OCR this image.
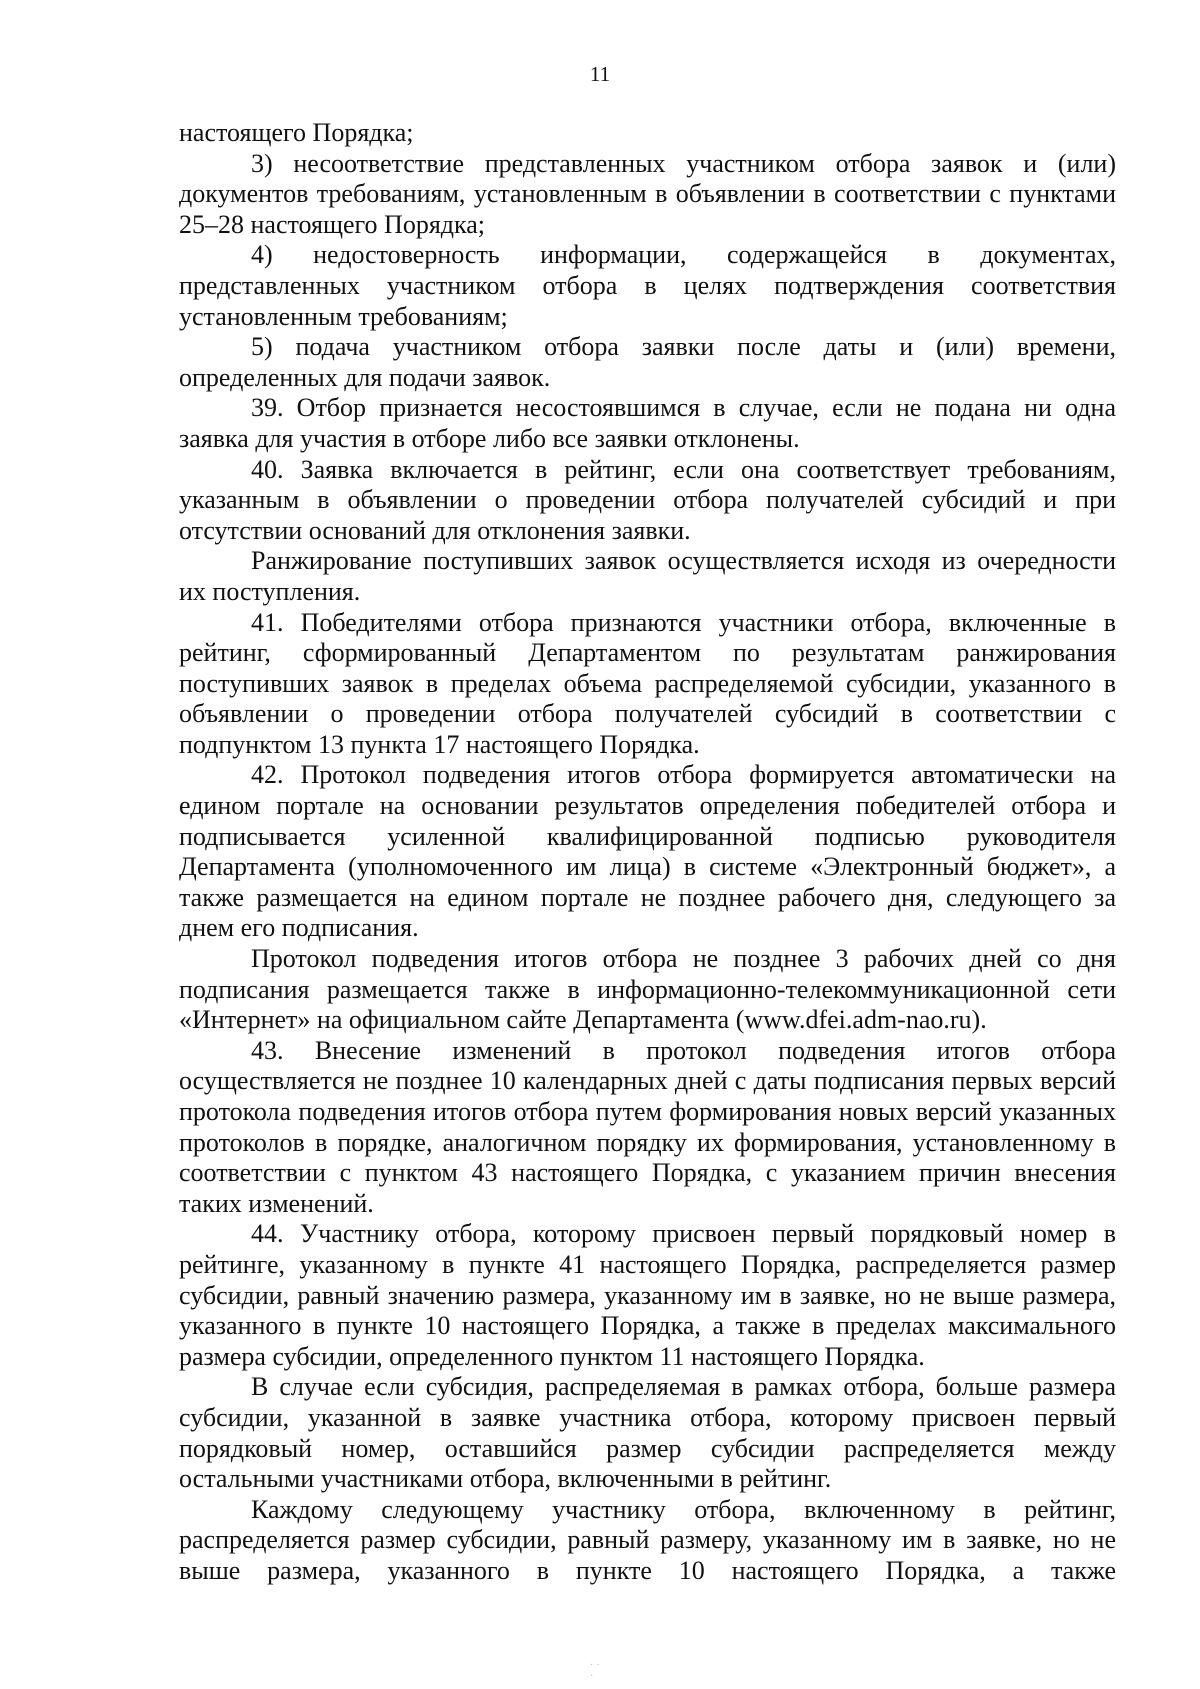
11

настоящего Порядка;

3) несоответствие представленных участником отбора заявок и (или) документов требованиям, установленным в объявлении в соответствии с пунктами 25–28 настоящего Порядка;

4) недостоверность информации, содержащейся в документах, представленных участником отбора в целях подтверждения соответствия установленным требованиям;

5) подача участником отбора заявки после даты и (или) времени, определенных для подачи заявок.

39. Отбор признается несостоявшимся в случае, если не подана ни одна заявка для участия в отборе либо все заявки отклонены.

40. Заявка включается в рейтинг, если она соответствует требованиям, указанным в объявлении о проведении отбора получателей субсидий и при отсутствии оснований для отклонения заявки.

Ранжирование поступивших заявок осуществляется исходя из очередности их поступления.

41. Победителями отбора признаются участники отбора, включенные в рейтинг, сформированный Департаментом по результатам ранжирования поступивших заявок в пределах объема распределяемой субсидии, указанного в объявлении о проведении отбора получателей субсидий в соответствии с подпунктом 13 пункта 17 настоящего Порядка.

42. Протокол подведения итогов отбора формируется автоматически на едином портале на основании результатов определения победителей отбора и подписывается усиленной квалифицированной подписью руководителя Департамента (уполномоченного им лица) в системе «Электронный бюджет», а также размещается на едином портале не позднее рабочего дня, следующего за днем его подписания.

Протокол подведения итогов отбора не позднее 3 рабочих дней со дня подписания размещается также в информационно-телекоммуникационной сети «Интернет» на официальном сайте Департамента (www.dfei.adm-nao.ru).

43. Внесение изменений в протокол подведения итогов отбора осуществляется не позднее 10 календарных дней с даты подписания первых версий протокола подведения итогов отбора путем формирования новых версий указанных протоколов в порядке, аналогичном порядку их формирования, установленному в соответствии с пунктом 43 настоящего Порядка, с указанием причин внесения таких изменений.

44. Участнику отбора, которому присвоен первый порядковый номер в рейтинге, указанному в пункте 41 настоящего Порядка, распределяется размер субсидии, равный значению размера, указанному им в заявке, но не выше размера, указанного в пункте 10 настоящего Порядка, а также в пределах максимального размера субсидии, определенного пунктом 11 настоящего Порядка.

В случае если субсидия, распределяемая в рамках отбора, больше размера субсидии, указанной в заявке участника отбора, которому присвоен первый порядковый номер, оставшийся размер субсидии распределяется между остальными участниками отбора, включенными в рейтинг.

Каждому следующему участнику отбора, включенному в рейтинг, распределяется размер субсидии, равный размеру, указанному им в заявке, но не выше размера, указанного в пункте 10 настоящего Порядка, а также

·· ·
